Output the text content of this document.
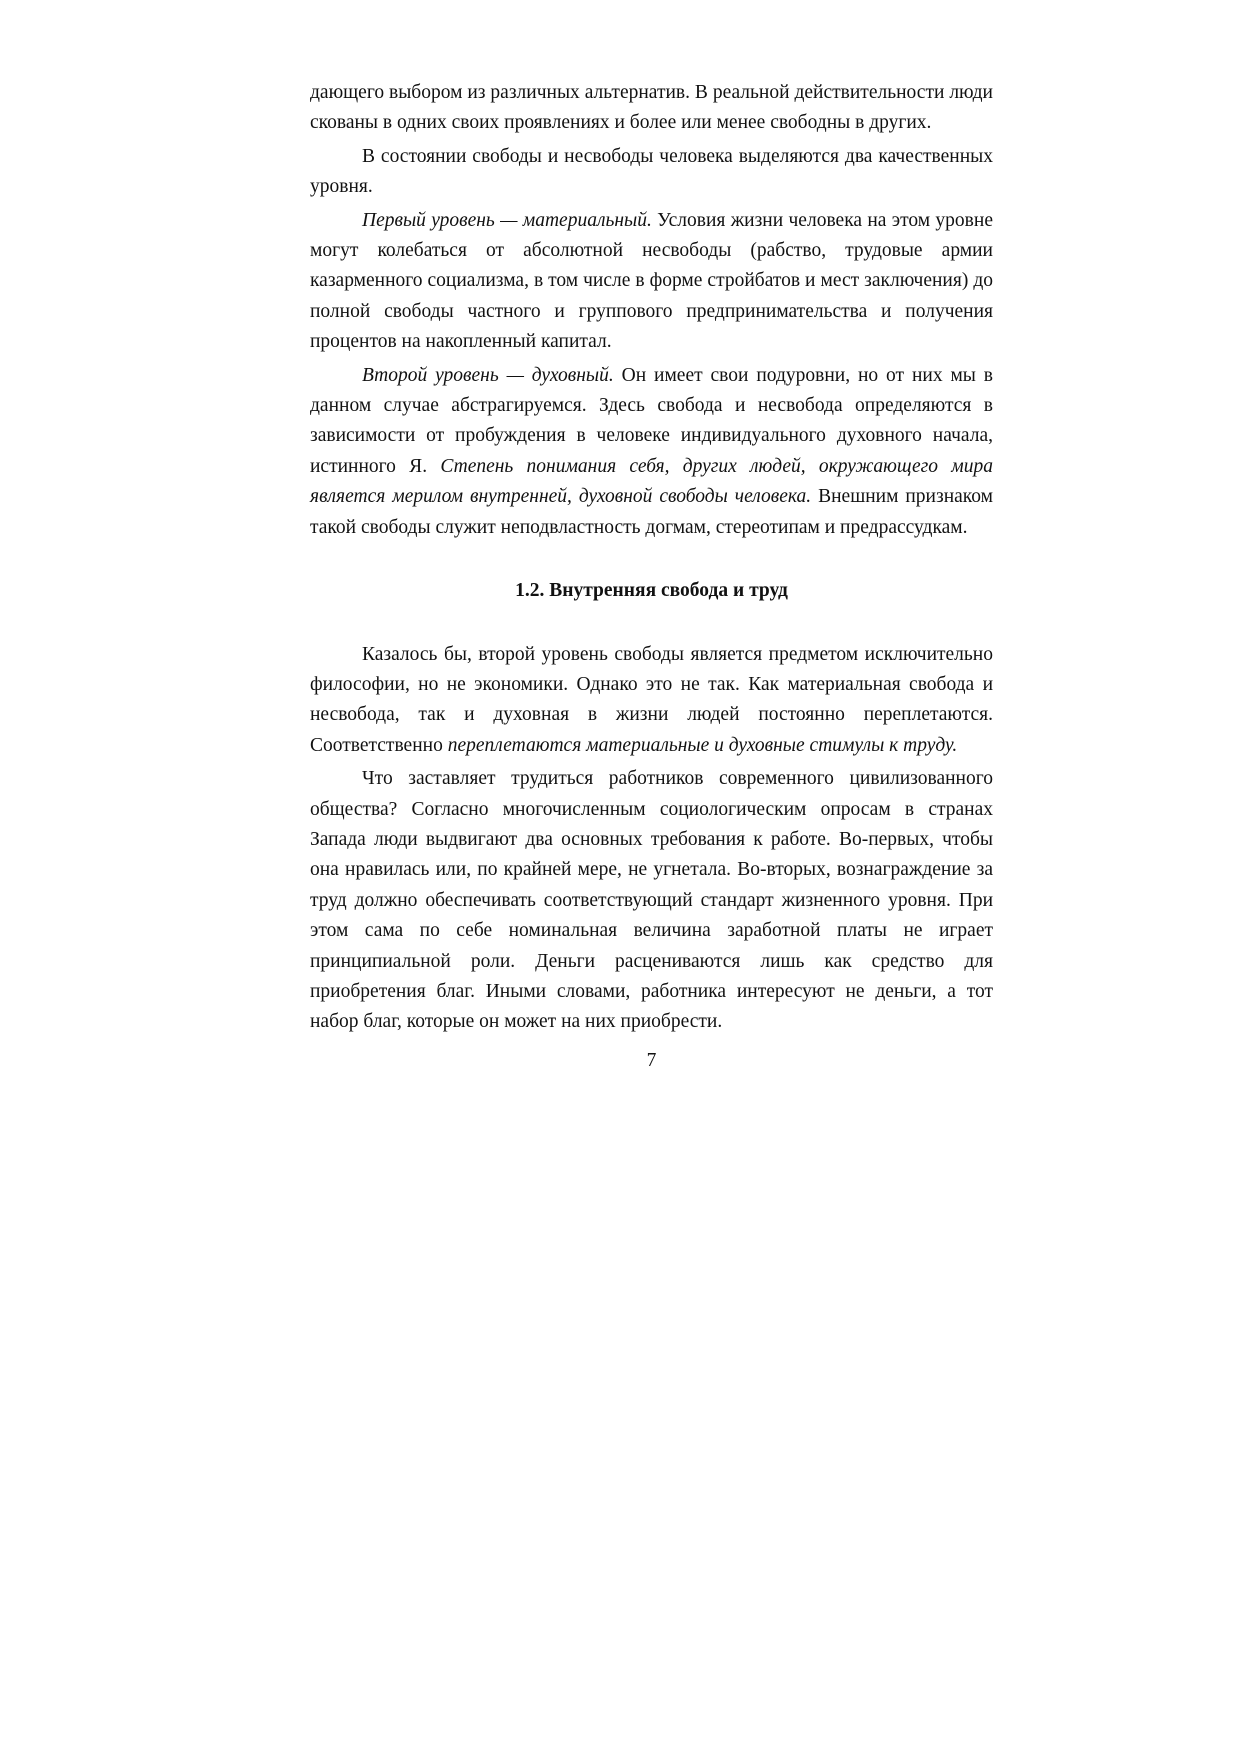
дающего выбором из различных альтернатив. В реальной действительности люди скованы в одних своих проявлениях и более или менее свободны в других.

В состоянии свободы и несвободы человека выделяются два качественных уровня.

Первый уровень — материальный. Условия жизни человека на этом уровне могут колебаться от абсолютной несвободы (рабство, трудовые армии казарменного социализма, в том числе в форме стройбатов и мест заключения) до полной свободы частного и группового предпринимательства и получения процентов на накопленный капитал.

Второй уровень — духовный. Он имеет свои подуровни, но от них мы в данном случае абстрагируемся. Здесь свобода и несвобода определяются в зависимости от пробуждения в человеке индивидуального духовного начала, истинного Я. Степень понимания себя, других людей, окружающего мира является мерилом внутренней, духовной свободы человека. Внешним признаком такой свободы служит неподвластность догмам, стереотипам и предрассудкам.

1.2. Внутренняя свобода и труд

Казалось бы, второй уровень свободы является предметом исключительно философии, но не экономики. Однако это не так. Как материальная свобода и несвобода, так и духовная в жизни людей постоянно переплетаются. Соответственно переплетаются материальные и духовные стимулы к труду.

Что заставляет трудиться работников современного цивилизованного общества? Согласно многочисленным социологическим опросам в странах Запада люди выдвигают два основных требования к работе. Во-первых, чтобы она нравилась или, по крайней мере, не угнетала. Во-вторых, вознаграждение за труд должно обеспечивать соответствующий стандарт жизненного уровня. При этом сама по себе номинальная величина заработной платы не играет принципиальной роли. Деньги расцениваются лишь как средство для приобретения благ. Иными словами, работника интересуют не деньги, а тот набор благ, которые он может на них приобрести.

7
